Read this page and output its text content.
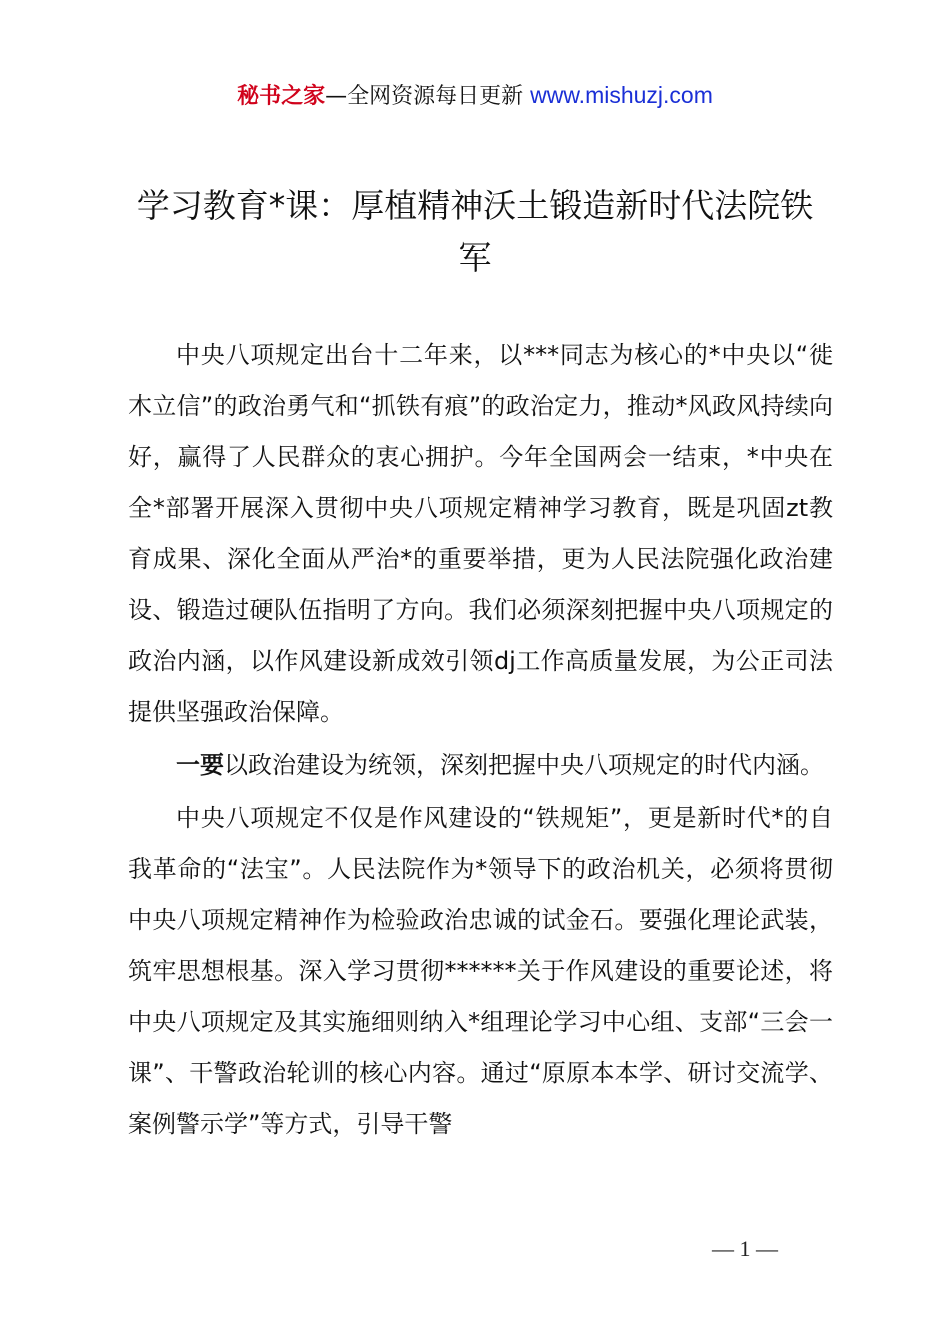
秘书之家—全网资源每日更新 www.mishuzj.com
学习教育*课：厚植精神沃土锻造新时代法院铁军

中央八项规定出台十二年来，以***同志为核心的*中央以“徙木立信”的政治勇气和“抓铁有痕”的政治定力，推动*风政风持续向好，赢得了人民群众的衷心拥护。今年全国两会一结束，*中央在全*部署开展深入贯彻中央八项规定精神学习教育，既是巩固zt教育成果、深化全面从严治*的重要举措，更为人民法院强化政治建设、锻造过硬队伍指明了方向。我们必须深刻把握中央八项规定的政治内涵，以作风建设新成效引领dj工作高质量发展，为公正司法提供坚强政治保障。

一要以政治建设为统领，深刻把握中央八项规定的时代内涵。

中央八项规定不仅是作风建设的“铁规矩”，更是新时代*的自我革命的“法宝”。人民法院作为*领导下的政治机关，必须将贯彻中央八项规定精神作为检验政治忠诚的试金石。要强化理论武装，筑牢思想根基。深入学习贯彻******关于作风建设的重要论述，将中央八项规定及其实施细则纳入*组理论学习中心组、支部“三会一课”、干警政治轮训的核心内容。通过“原原本本学、研讨交流学、案例警示学”等方式，引导干警

— 1 —
